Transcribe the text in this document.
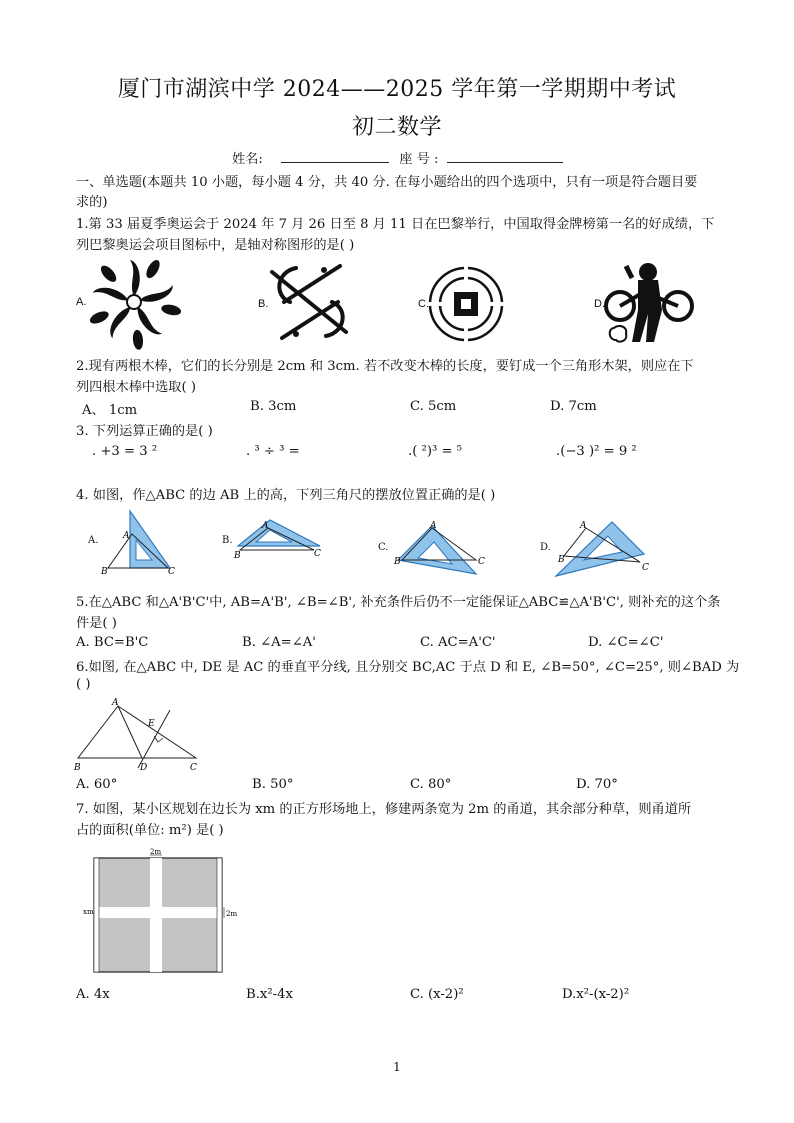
厦门市湖滨中学 2024——2025 学年第一学期期中考试
初二数学
姓名:	座 号 :
一、单选题(本题共 10 小题，每小题 4 分，共 40 分. 在每小题给出的四个选项中，只有一项是符合题目要
求的)
1.第 33 届夏季奥运会于 2024 年 7 月 26 日至 8 月 11 日在巴黎举行，中国取得金牌榜第一名的好成绩，下
列巴黎奥运会项目图标中，是轴对称图形的是( )
A.	B.	C.	D.
2.现有两根木棒，它们的长分别是 2cm 和 3cm. 若不改变木棒的长度，要钉成一个三角形木架，则应在下
列四根木棒中选取( )
A、 1cm	B. 3cm	C. 5cm	D. 7cm
3. 下列运算正确的是( )
. +3 = 3 ²	. ³ ÷ ³ =	.( ²)³ = ⁵	.(−3 )² = 9 ²
4. 如图，作△ABC 的边 AB 上的高，下列三角尺的摆放位置正确的是( )
A.	A
B	C
B.
A
B	C
C.
A
B	C
D.
A
B
C
5.在△ABC 和△A'B'C'中, AB=A'B', ∠B=∠B', 补充条件后仍不一定能保证△ABC≌△A'B'C', 则补充的这个条
件是( )
A. BC=B'C	B. ∠A=∠A'	C. AC=A'C'	D. ∠C=∠C'
6.如图, 在△ABC 中, DE 是 AC 的垂直平分线, 且分别交 BC,AC 于点 D 和 E, ∠B=50°, ∠C=25°, 则∠BAD 为
( )
A
B	C
D
E
A. 60°	B. 50°	C. 80°	D. 70°
7. 如图，某小区规划在边长为 xm 的正方形场地上，修建两条宽为 2m 的甬道，其余部分种草，则甬道所
占的面积(单位: m²) 是( )
2m
xm	2m
A. 4x	B.x²-4x	C. (x-2)²	D.x²-(x-2)²
1
